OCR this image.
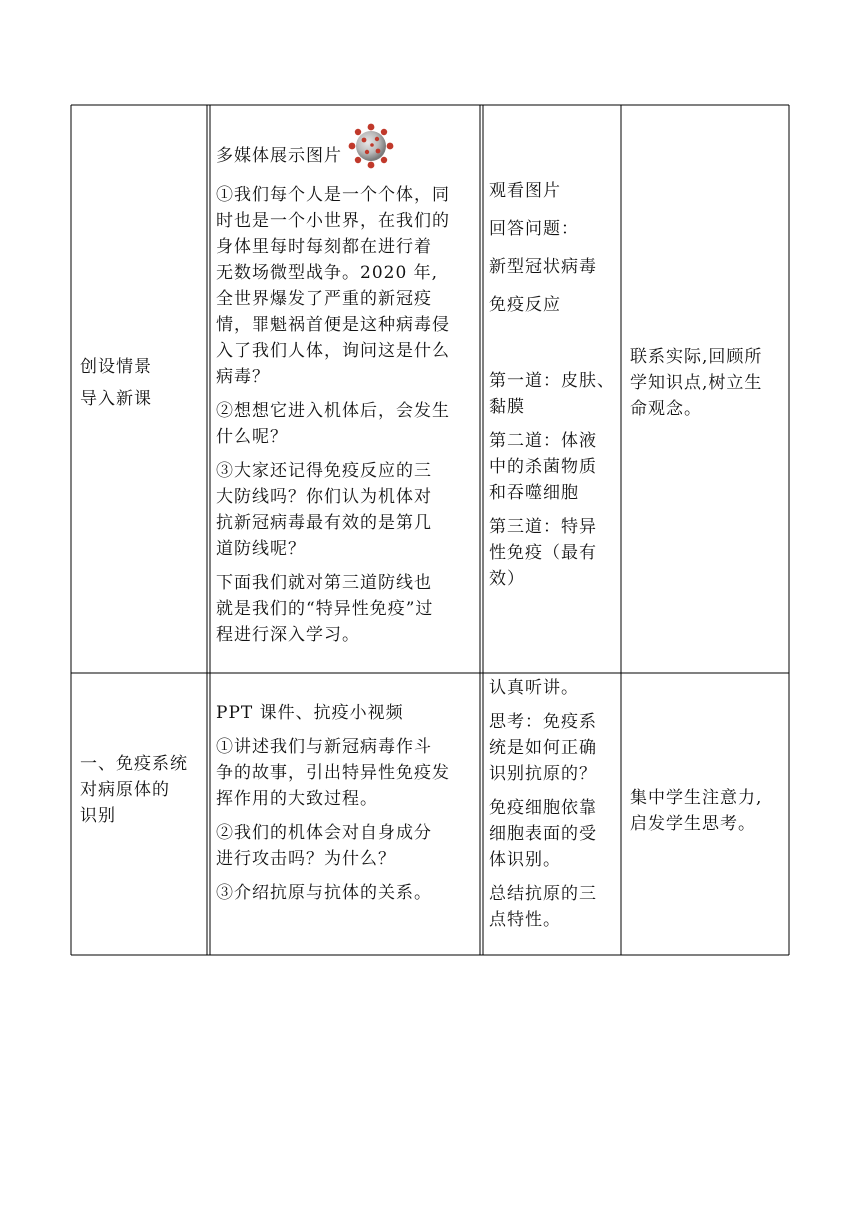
创设情景
导入新课

多媒体展示图片

①我们每个人是一个个体，同
时也是一个小世界，在我们的
身体里每时每刻都在进行着
无数场微型战争。2020 年,
全世界爆发了严重的新冠疫
情，罪魁祸首便是这种病毒侵
入了我们人体，询问这是什么
病毒？

②想想它进入机体后，会发生
什么呢？

③大家还记得免疫反应的三
大防线吗？你们认为机体对
抗新冠病毒最有效的是第几
道防线呢？

下面我们就对第三道防线也
就是我们的“特异性免疫”过
程进行深入学习。

观看图片
回答问题：
新型冠状病毒
免疫反应

第一道：皮肤、
黏膜

第二道：体液
中的杀菌物质
和吞噬细胞

第三道：特异
性免疫（最有
效）

联系实际,回顾所
学知识点,树立生
命观念。
一、免疫系统
对病原体的
识别

PPT 课件、抗疫小视频

①讲述我们与新冠病毒作斗
争的故事，引出特异性免疫发
挥作用的大致过程。

②我们的机体会对自身成分
进行攻击吗？为什么？

③介绍抗原与抗体的关系。

认真听讲。

思考：免疫系
统是如何正确
识别抗原的？

免疫细胞依靠
细胞表面的受
体识别。

总结抗原的三
点特性。

集中学生注意力,
启发学生思考。
